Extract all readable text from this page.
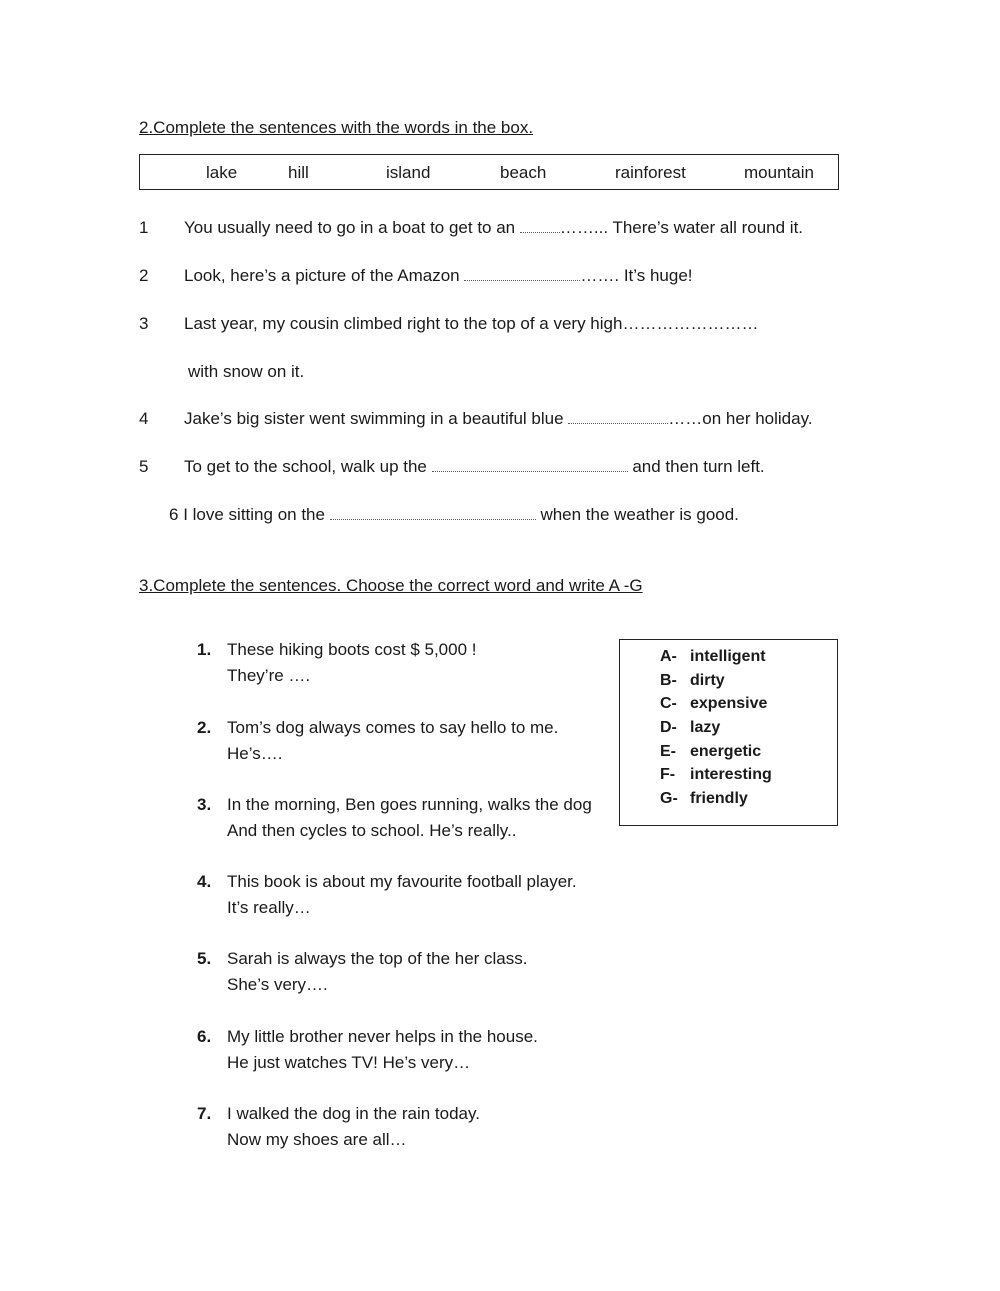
2.Complete the sentences with the words in the box.
lake	hill	island	beach	rainforest	mountain
1 You usually need to go in a boat to get to an	……... There’s water all round it.
2 Look, here’s a picture of the Amazon	……. It’s huge!
3 Last year, my cousin climbed right to the top of a very high……………………
with snow on it.
4 Jake’s big sister went swimming in a beautiful blue	……on her holiday.
5 To get to the school, walk up the	and then turn left.
6 I love sitting on the	when the weather is good.
3.Complete the sentences. Choose the correct word and write A -G
1. These hiking boots cost $ 5,000 !
They’re ….
2. Tom’s dog always comes to say hello to me.
He’s….
3. In the morning, Ben goes running, walks the dog
And then cycles to school. He’s really..
4. This book is about my favourite football player.
It’s really…
5. Sarah is always the top of the her class.
She’s very….
6. My little brother never helps in the house.
He just watches TV! He’s very…
7. I walked the dog in the rain today.
Now my shoes are all…
A- intelligent
B- dirty
C- expensive
D- lazy
E- energetic
F- interesting
G- friendly
